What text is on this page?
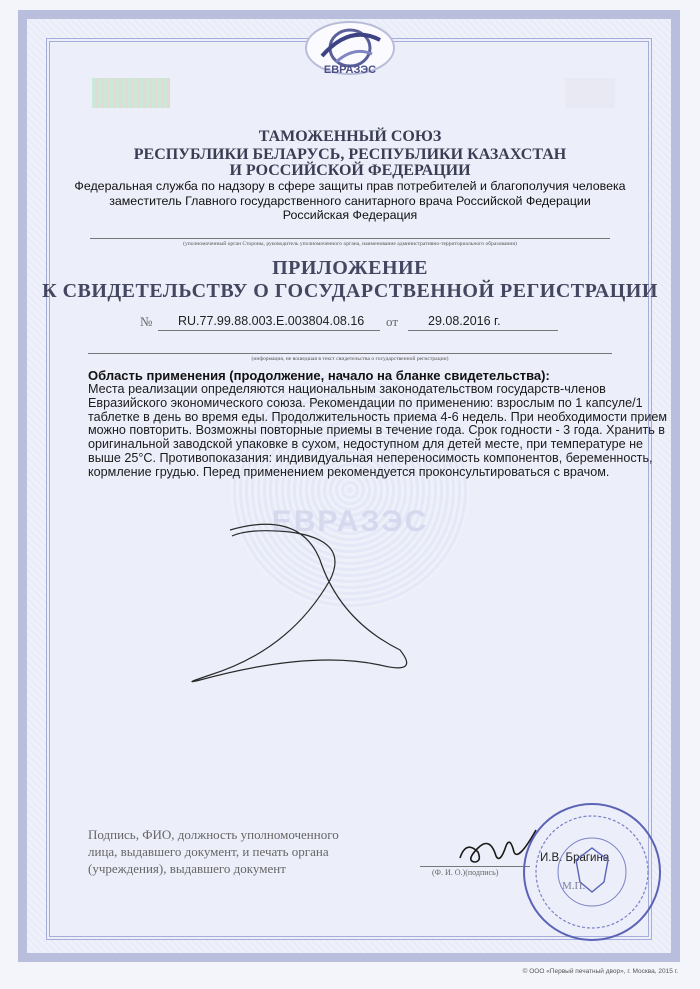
ЕВРАЗЭС
ЕВРАЗЭС
ТАМОЖЕННЫЙ СОЮЗ
РЕСПУБЛИКИ БЕЛАРУСЬ, РЕСПУБЛИКИ КАЗАХСТАН
И РОССИЙСКОЙ ФЕДЕРАЦИИ
Федеральная служба по надзору в сфере защиты прав потребителей и благополучия человека
заместитель Главного государственного санитарного врача Российской Федерации
Российская Федерация
(уполномоченный орган Стороны, руководитель уполномоченного органа, наименование административно-территориального образования)
ПРИЛОЖЕНИЕ
К СВИДЕТЕЛЬСТВУ О ГОСУДАРСТВЕННОЙ РЕГИСТРАЦИИ
№ RU.77.99.88.003.E.003804.08.16 от 29.08.2016 г.
(информация, не вошедшая в текст свидетельства о государственной регистрации)
Область применения (продолжение, начало на бланке свидетельства):
Места реализации определяются национальным законодательством государств-членов
Евразийского экономического союза. Рекомендации по применению: взрослым по 1 капсуле/1
таблетке в день во время еды. Продолжительность приема 4-6 недель. При необходимости прием
можно повторить. Возможны повторные приемы в течение года. Срок годности - 3 года. Хранить в
оригинальной заводской упаковке в сухом, недоступном для детей месте, при температуре не
выше 25°С. Противопоказания: индивидуальная непереносимость компонентов, беременность,
кормление грудью. Перед применением рекомендуется проконсультироваться с врачом.
Подпись, ФИО, должность уполномоченного
лица, выдавшего документ, и печать органа
(учреждения), выдавшего документ	(Ф. И. О.)(подпись)
И.В. Брагина
М.П.
© ООО «Первый печатный двор», г. Москва, 2015 г.
